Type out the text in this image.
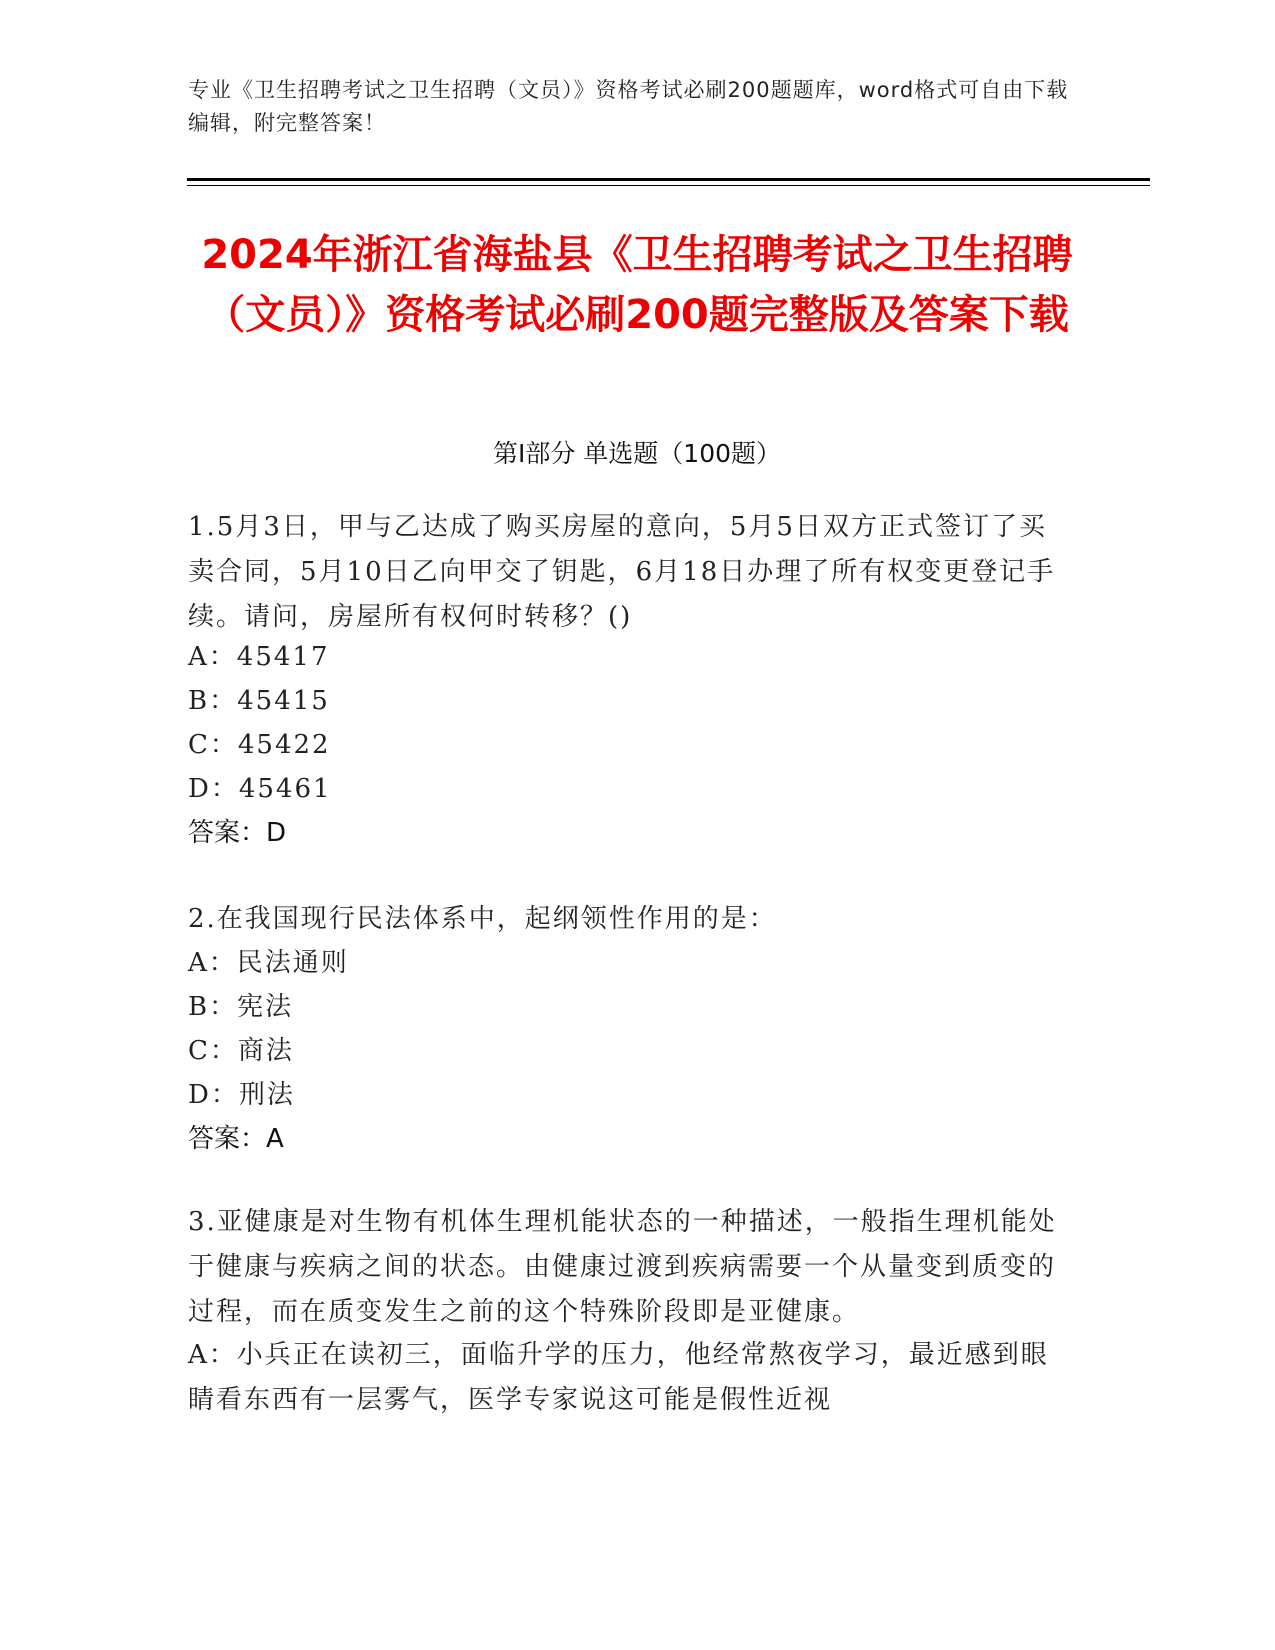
专业《卫生招聘考试之卫生招聘（文员）》资格考试必刷200题题库，word格式可自由下载编辑，附完整答案！
2024年浙江省海盐县《卫生招聘考试之卫生招聘（文员）》资格考试必刷200题完整版及答案下载
第Ⅰ部分 单选题（100题）
1.5月3日，甲与乙达成了购买房屋的意向，5月5日双方正式签订了买卖合同，5月10日乙向甲交了钥匙，6月18日办理了所有权变更登记手续。请问，房屋所有权何时转移？()
A：45417
B：45415
C：45422
D：45461
答案：D
2.在我国现行民法体系中，起纲领性作用的是：
A：民法通则
B：宪法
C：商法
D：刑法
答案：A
3.亚健康是对生物有机体生理机能状态的一种描述，一般指生理机能处于健康与疾病之间的状态。由健康过渡到疾病需要一个从量变到质变的过程，而在质变发生之前的这个特殊阶段即是亚健康。
A：小兵正在读初三，面临升学的压力，他经常熬夜学习，最近感到眼睛看东西有一层雾气，医学专家说这可能是假性近视
